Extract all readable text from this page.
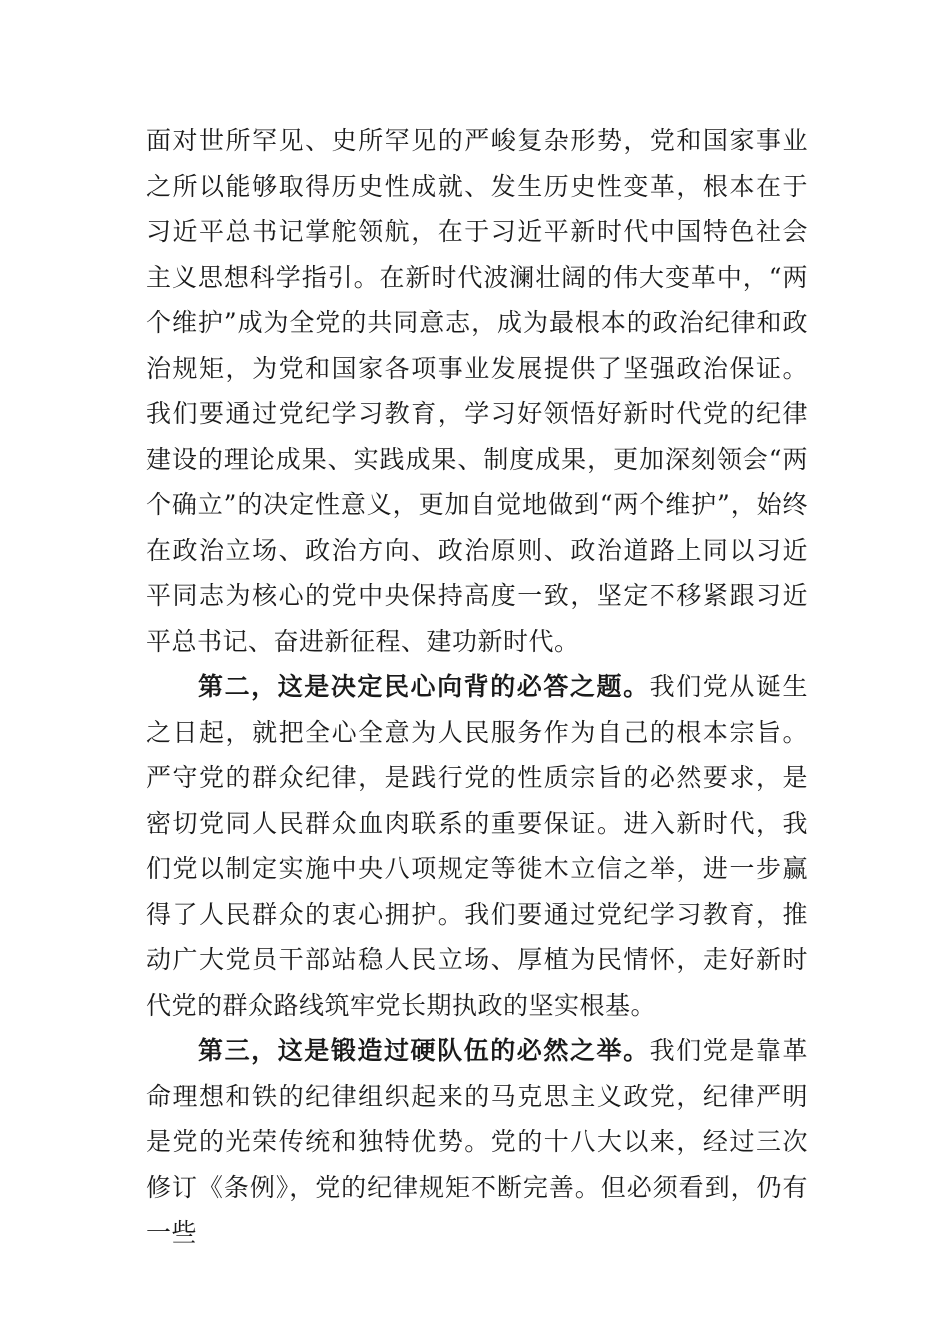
面对世所罕见、史所罕见的严峻复杂形势，党和国家事业之所以能够取得历史性成就、发生历史性变革，根本在于习近平总书记掌舵领航，在于习近平新时代中国特色社会主义思想科学指引。在新时代波澜壮阔的伟大变革中，“两个维护”成为全党的共同意志，成为最根本的政治纪律和政治规矩，为党和国家各项事业发展提供了坚强政治保证。我们要通过党纪学习教育，学习好领悟好新时代党的纪律建设的理论成果、实践成果、制度成果，更加深刻领会“两个确立”的决定性意义，更加自觉地做到“两个维护”，始终在政治立场、政治方向、政治原则、政治道路上同以习近平同志为核心的党中央保持高度一致，坚定不移紧跟习近平总书记、奋进新征程、建功新时代。

第二，这是决定民心向背的必答之题。我们党从诞生之日起，就把全心全意为人民服务作为自己的根本宗旨。严守党的群众纪律，是践行党的性质宗旨的必然要求，是密切党同人民群众血肉联系的重要保证。进入新时代，我们党以制定实施中央八项规定等徙木立信之举，进一步赢得了人民群众的衷心拥护。我们要通过党纪学习教育，推动广大党员干部站稳人民立场、厚植为民情怀，走好新时代党的群众路线筑牢党长期执政的坚实根基。

第三，这是锻造过硬队伍的必然之举。我们党是靠革命理想和铁的纪律组织起来的马克思主义政党，纪律严明是党的光荣传统和独特优势。党的十八大以来，经过三次修订《条例》，党的纪律规矩不断完善。但必须看到，仍有一些
